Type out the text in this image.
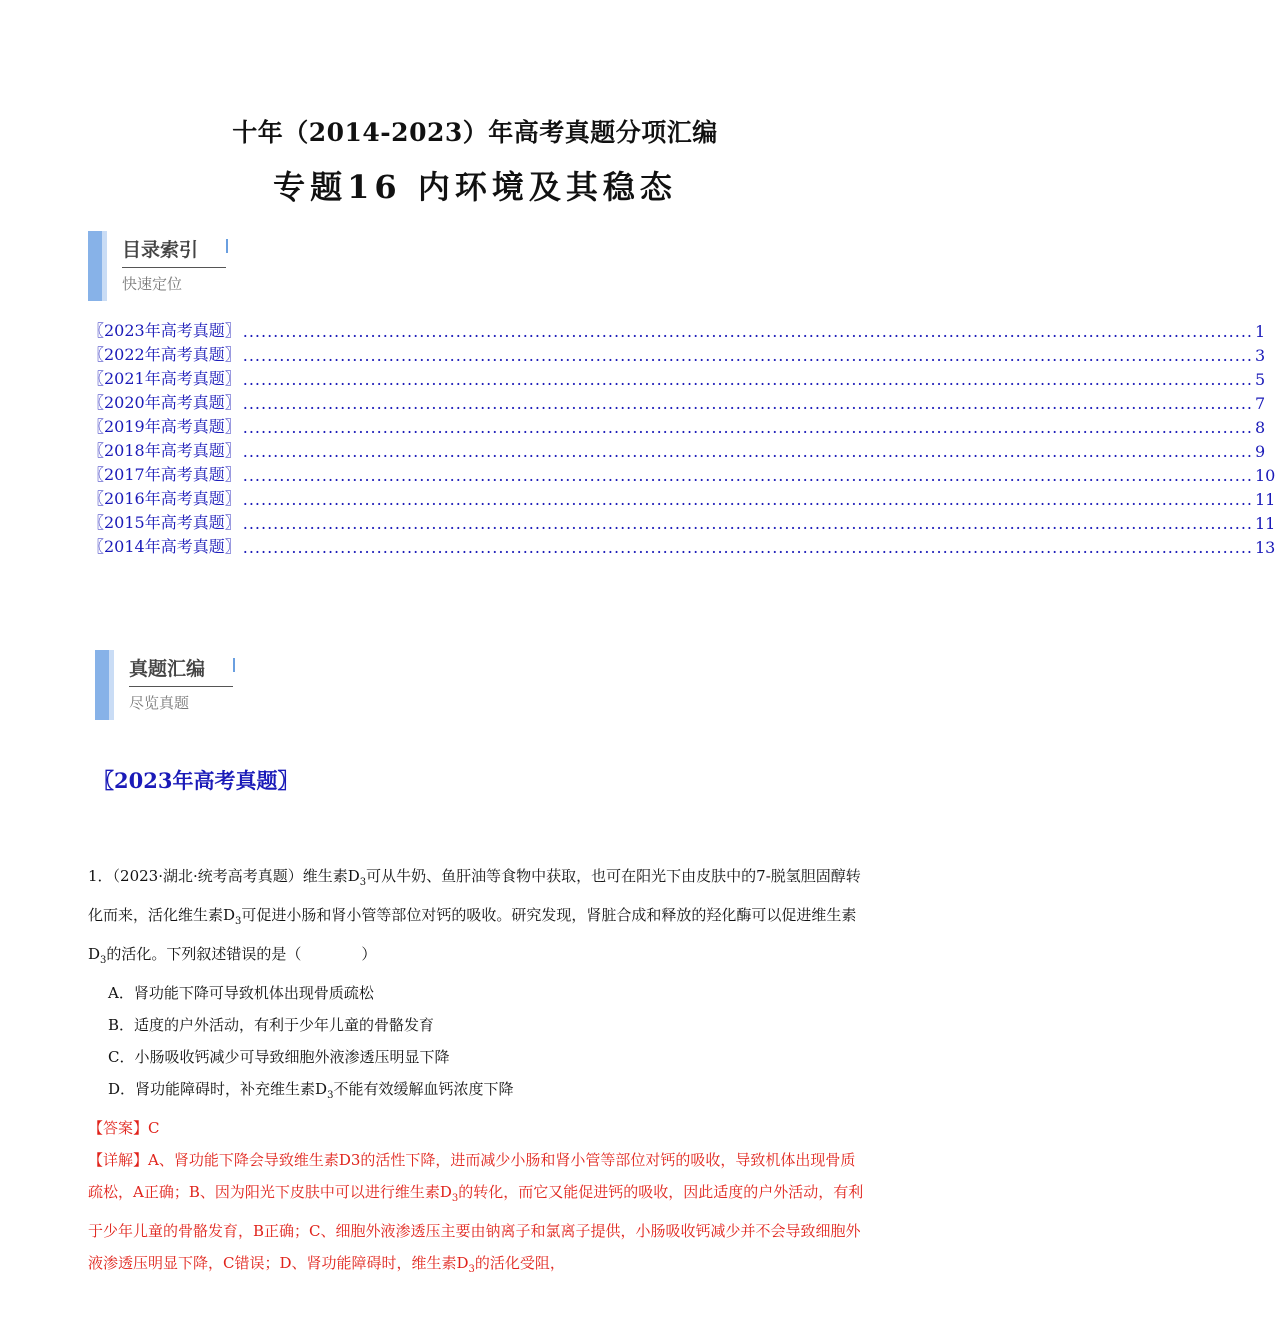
十年（2014-2023）年高考真题分项汇编
专题16 内环境及其稳态
目录索引
快速定位
〖2023年高考真题〗 ...................................................................................................................................................................... 1
〖2022年高考真题〗 ...................................................................................................................................................................... 3
〖2021年高考真题〗 ...................................................................................................................................................................... 5
〖2020年高考真题〗 ...................................................................................................................................................................... 7
〖2019年高考真题〗 ...................................................................................................................................................................... 8
〖2018年高考真题〗 ...................................................................................................................................................................... 9
〖2017年高考真题〗 ...................................................................................................................................................................... 10
〖2016年高考真题〗 ...................................................................................................................................................................... 11
〖2015年高考真题〗 ...................................................................................................................................................................... 11
〖2014年高考真题〗 ...................................................................................................................................................................... 13
真题汇编
尽览真题
〖2023年高考真题〗

1．（2023·湖北·统考高考真题）维生素$D_3$可从牛奶、鱼肝油等食物中获取，也可在阳光下由皮肤中的7-脱氢胆固醇转化而来，活化维生素$D_3$可促进小肠和肾小管等部位对钙的吸收。研究发现，肾脏合成和释放的羟化酶可以促进维生素$D_3$的活化。下列叙述错误的是（　　　　）

A．肾功能下降可导致机体出现骨质疏松

B．适度的户外活动，有利于少年儿童的骨骼发育

C．小肠吸收钙减少可导致细胞外液渗透压明显下降

D．肾功能障碍时，补充维生素$D_3$不能有效缓解血钙浓度下降

【答案】C

【详解】A、肾功能下降会导致维生素D3的活性下降，进而减少小肠和肾小管等部位对钙的吸收，导致机体出现骨质疏松，A正确；B、因为阳光下皮肤中可以进行维生素$D_3$的转化，而它又能促进钙的吸收，因此适度的户外活动，有利于少年儿童的骨骼发育，B正确；C、细胞外液渗透压主要由钠离子和氯离子提供，小肠吸收钙减少并不会导致细胞外液渗透压明显下降，C错误；D、肾功能障碍时，维生素$D_3$的活化受阻，
